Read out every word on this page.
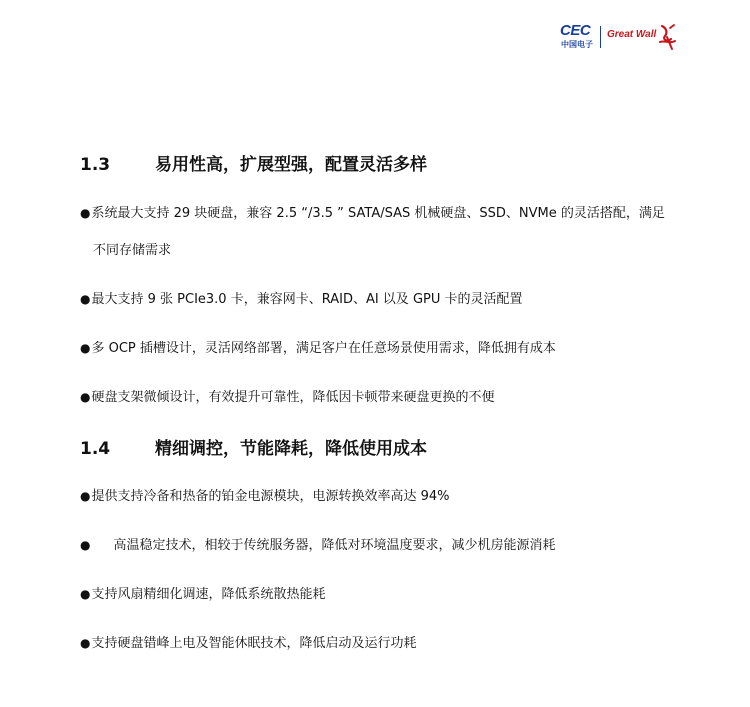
CEC
中国电子
Great Wall
1.3	易用性高，扩展型强，配置灵活多样
●系统最大支持 29 块硬盘，兼容 2.5 “/3.5 ” SATA/SAS 机械硬盘、SSD、NVMe 的灵活搭配，满足
不同存储需求
●最大支持 9 张 PCIe3.0 卡，兼容网卡、RAID、AI 以及 GPU 卡的灵活配置
●多 OCP 插槽设计，灵活网络部署，满足客户在任意场景使用需求，降低拥有成本
●硬盘支架微倾设计，有效提升可靠性，降低因卡顿带来硬盘更换的不便
1.4	精细调控，节能降耗，降低使用成本
●提供支持冷备和热备的铂金电源模块，电源转换效率高达 94%
● 高温稳定技术，相较于传统服务器，降低对环境温度要求，减少机房能源消耗
●支持风扇精细化调速，降低系统散热能耗
●支持硬盘错峰上电及智能休眠技术，降低启动及运行功耗
